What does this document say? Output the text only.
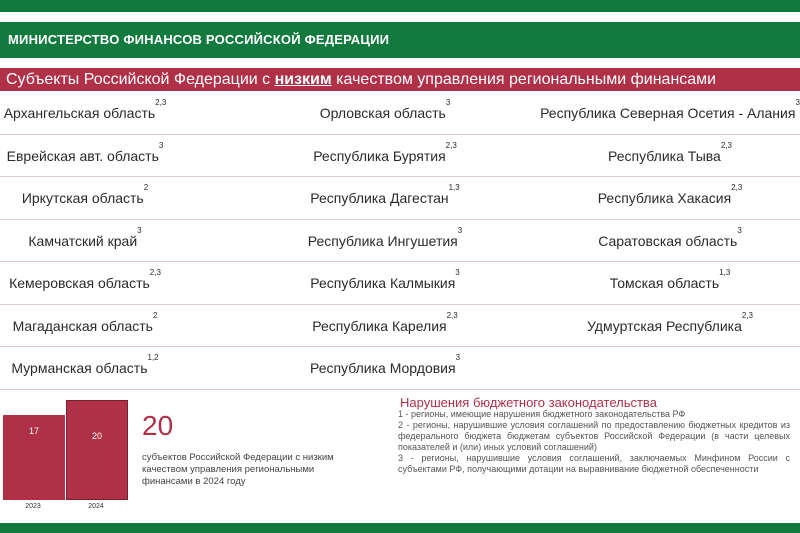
МИНИСТЕРСТВО ФИНАНСОВ РОССИЙСКОЙ ФЕДЕРАЦИИ
Субъекты Российской Федерации с низким качеством управления региональными финансами
Архангельская область$^{2,3}$
Орловская область$^3$
Республика Северная Осетия - Алания$^3$
Еврейская авт. область$^3$
Республика Бурятия$^{2,3}$
Республика Тыва$^{2,3}$
Иркутская область$^2$
Республика Дагестан$^{1,3}$
Республика Хакасия$^{2,3}$
Камчатский край$^3$
Республика Ингушетия$^3$
Саратовская область$^3$
Кемеровская область$^{2,3}$
Республика Калмыкия$^3$
Томская область$^{1,3}$
Магаданская область$^2$
Республика Карелия$^{2,3}$
Удмуртская Республика$^{2,3}$
Мурманская область$^{1,2}$
Республика Мордовия$^3$
17
2023
20
2024
20
субъектов Российской Федерации с низким качеством управления региональными финансами в 2024 году
Нарушения бюджетного законодательства

1 - регионы, имеющие нарушения бюджетного законодательства РФ

2 - регионы, нарушившие условия соглашений по предоставлению бюджетных кредитов из федерального бюджета бюджетам субъектов Российской Федерации (в части целевых показателей и (или) иных условий соглашений)

3 - регионы, нарушившие условия соглашений, заключаемых Минфином России с субъектами РФ, получающими дотации на выравнивание бюджетной обеспеченности
